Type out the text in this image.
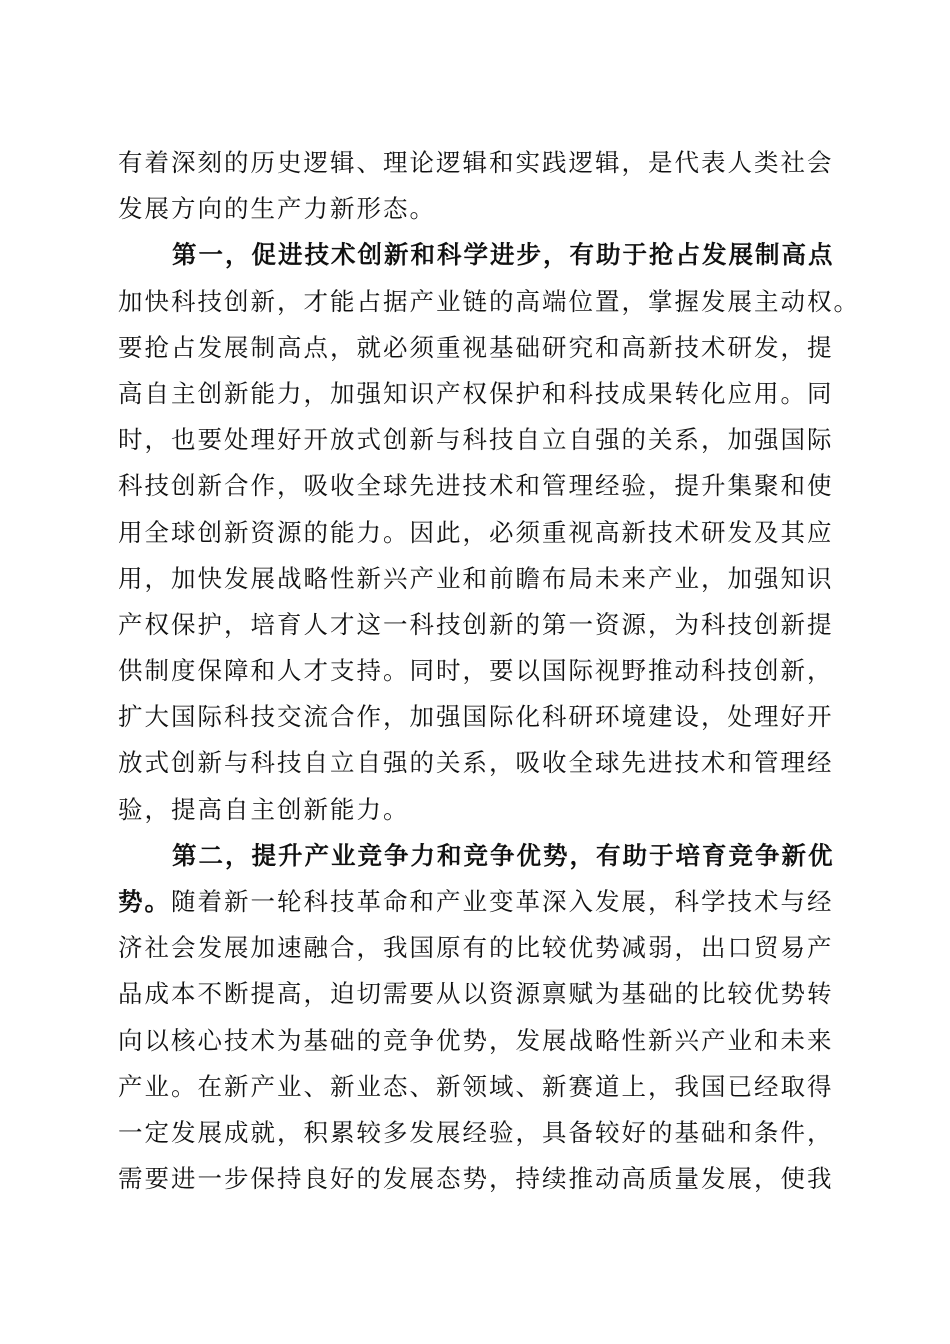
有着深刻的历史逻辑、理论逻辑和实践逻辑，是代表人类社会
发展方向的生产力新形态。
第一，促进技术创新和科学进步，有助于抢占发展制高点
加快科技创新，才能占据产业链的高端位置，掌握发展主动权。
要抢占发展制高点，就必须重视基础研究和高新技术研发，提
高自主创新能力，加强知识产权保护和科技成果转化应用。同
时，也要处理好开放式创新与科技自立自强的关系，加强国际
科技创新合作，吸收全球先进技术和管理经验，提升集聚和使
用全球创新资源的能力。因此，必须重视高新技术研发及其应
用，加快发展战略性新兴产业和前瞻布局未来产业，加强知识
产权保护，培育人才这一科技创新的第一资源，为科技创新提
供制度保障和人才支持。同时，要以国际视野推动科技创新，
扩大国际科技交流合作，加强国际化科研环境建设，处理好开
放式创新与科技自立自强的关系，吸收全球先进技术和管理经
验，提高自主创新能力。
第二，提升产业竞争力和竞争优势，有助于培育竞争新优
势。随着新一轮科技革命和产业变革深入发展，科学技术与经
济社会发展加速融合，我国原有的比较优势减弱，出口贸易产
品成本不断提高，迫切需要从以资源禀赋为基础的比较优势转
向以核心技术为基础的竞争优势，发展战略性新兴产业和未来
产业。在新产业、新业态、新领域、新赛道上，我国已经取得
一定发展成就，积累较多发展经验，具备较好的基础和条件，
需要进一步保持良好的发展态势，持续推动高质量发展，使我
